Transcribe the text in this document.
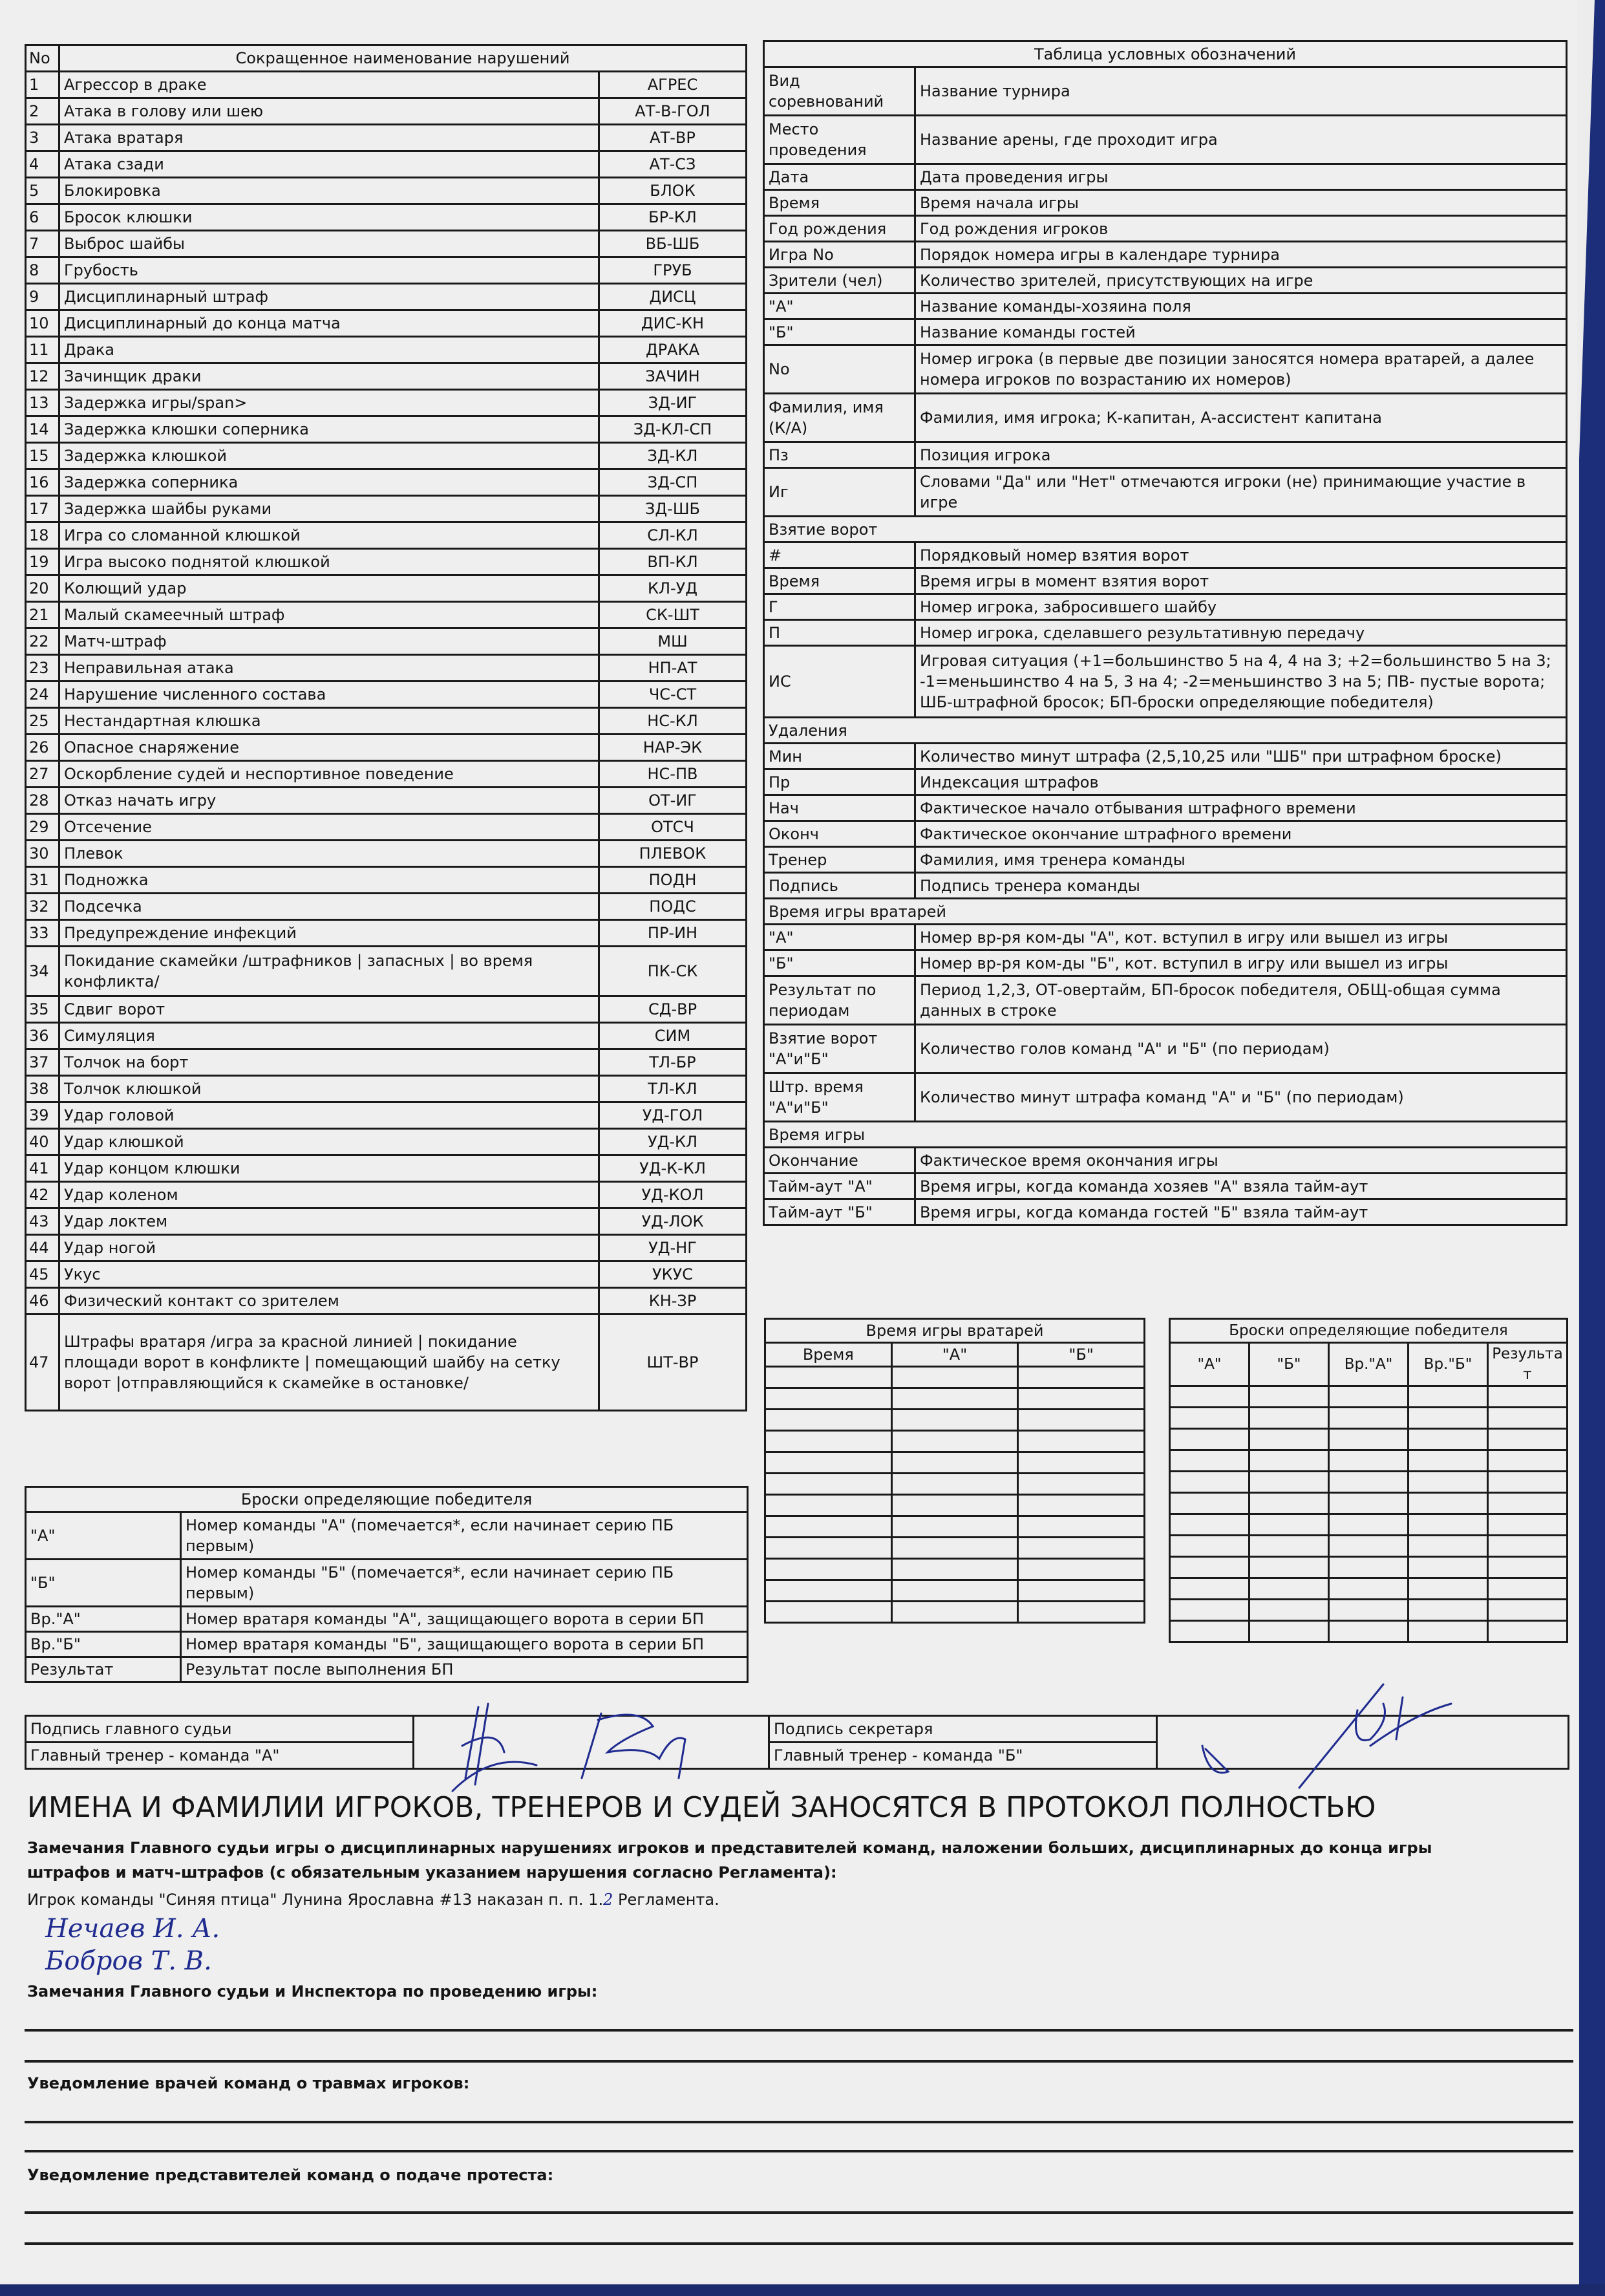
No	Сокращенное наименование нарушений	
1	Агрессор в драке	АГРЕС
2	Атака в голову или шею	АТ-В-ГОЛ
3	Атака вратаря	АТ-ВР
4	Атака сзади	АТ-СЗ
5	Блокировка	БЛОК
6	Бросок клюшки	БР-КЛ
7	Выброс шайбы	ВБ-ШБ
8	Грубость	ГРУБ
9	Дисциплинарный штраф	ДИСЦ
10	Дисциплинарный до конца матча	ДИС-КН
11	Драка	ДРАКА
12	Зачинщик драки	ЗАЧИН
13	Задержка игры/span>	ЗД-ИГ
14	Задержка клюшки соперника	ЗД-КЛ-СП
15	Задержка клюшкой	ЗД-КЛ
16	Задержка соперника	ЗД-СП
17	Задержка шайбы руками	ЗД-ШБ
18	Игра со сломанной клюшкой	СЛ-КЛ
19	Игра высоко поднятой клюшкой	ВП-КЛ
20	Колющий удар	КЛ-УД
21	Малый скамеечный штраф	СК-ШТ
22	Матч-штраф	МШ
23	Неправильная атака	НП-АТ
24	Нарушение численного состава	ЧС-СТ
25	Нестандартная клюшка	НС-КЛ
26	Опасное снаряжение	НАР-ЭК
27	Оскорбление судей и неспортивное поведение	НС-ПВ
28	Отказ начать игру	ОТ-ИГ
29	Отсечение	ОТСЧ
30	Плевок	ПЛЕВОК
31	Подножка	ПОДН
32	Подсечка	ПОДС
33	Предупреждение инфекций	ПР-ИН
34	Покидание скамейки /штрафников | запасных | во время конфликта/	ПК-СК
35	Сдвиг ворот	СД-ВР
36	Симуляция	СИМ
37	Толчок на борт	ТЛ-БР
38	Толчок клюшкой	ТЛ-КЛ
39	Удар головой	УД-ГОЛ
40	Удар клюшкой	УД-КЛ
41	Удар концом клюшки	УД-К-КЛ
42	Удар коленом	УД-КОЛ
43	Удар локтем	УД-ЛОК
44	Удар ногой	УД-НГ
45	Укус	УКУС
46	Физический контакт со зрителем	КН-ЗР
47	Штрафы вратаря /игра за красной линией | покидание площади ворот в конфликте | помещающий шайбу на сетку ворот |отправляющийся к скамейке в остановке/	ШТ-ВР
Таблица условных обозначений	
Вид соревнований	Название турнира
Место проведения	Название арены, где проходит игра
Дата	Дата проведения игры
Время	Время начала игры
Год рождения	Год рождения игроков
Игра No	Порядок номера игры в календаре турнира
Зрители (чел)	Количество зрителей, присутствующих на игре
"А"	Название команды-хозяина поля
"Б"	Название команды гостей
No	Номер игрока (в первые две позиции заносятся номера вратарей, а далее номера игроков по возрастанию их номеров)
Фамилия, имя (К/А)	Фамилия, имя игрока; К-капитан, А-ассистент капитана
Пз	Позиция игрока
Иг	Словами "Да" или "Нет" отмечаются игроки (не) принимающие участие в игре
Взятие ворот	
#	Порядковый номер взятия ворот
Время	Время игры в момент взятия ворот
Г	Номер игрока, забросившего шайбу
П	Номер игрока, сделавшего результативную передачу
ИС	Игровая ситуация (+1=большинство 5 на 4, 4 на 3; +2=большинство 5 на 3; -1=меньшинство 4 на 5, 3 на 4; -2=меньшинство 3 на 5; ПВ- пустые ворота; ШБ-штрафной бросок; БП-броски определяющие победителя)
Удаления	
Мин	Количество минут штрафа (2,5,10,25 или "ШБ" при штрафном броске)
Пр	Индексация штрафов
Нач	Фактическое начало отбывания штрафного времени
Оконч	Фактическое окончание штрафного времени
Тренер	Фамилия, имя тренера команды
Подпись	Подпись тренера команды
Время игры вратарей	
"А"	Номер вр-ря ком-ды "А", кот. вступил в игру или вышел из игры
"Б"	Номер вр-ря ком-ды "Б", кот. вступил в игру или вышел из игры
Результат по периодам	Период 1,2,3, ОТ-овертайм, БП-бросок победителя, ОБЩ-общая сумма данных в строке
Взятие ворот "А"и"Б"	Количество голов команд "А" и "Б" (по периодам)
Штр. время "А"и"Б"	Количество минут штрафа команд "А" и "Б" (по периодам)
Время игры	
Окончание	Фактическое время окончания игры
Тайм-аут "А"	Время игры, когда команда хозяев "А" взяла тайм-аут
Тайм-аут "Б"	Время игры, когда команда гостей "Б" взяла тайм-аут
Время игры вратарей		
Время	"А"	"Б"

Броски определяющие победителя				
"А"	"Б"	Вр."А"	Вр."Б"	Результат

Броски определяющие победителя	
"А"	Номер команды "А" (помечается*, если начинает серию ПБ первым)
"Б"	Номер команды "Б" (помечается*, если начинает серию ПБ первым)
Вр."А"	Номер вратаря команды "А", защищающего ворота в серии БП
Вр."Б"	Номер вратаря команды "Б", защищающего ворота в серии БП
Результат	Результат после выполнения БП
Подпись главного судьи		Подпись секретаря	
Главный тренер - команда "А"		Главный тренер - команда "Б"	
ИМЕНА И ФАМИЛИИ ИГРОКОВ, ТРЕНЕРОВ И СУДЕЙ ЗАНОСЯТСЯ В ПРОТОКОЛ ПОЛНОСТЬЮ
Замечания Главного судьи игры о дисциплинарных нарушениях игроков и представителей команд, наложении больших, дисциплинарных до конца игры
штрафов и матч-штрафов (с обязательным указанием нарушения согласно Регламента):
Игрок команды "Синяя птица" Лунина Ярославна #13 наказан п. п. 1.2 Регламента.
Нечаев И. А.
Бобров Т. В.
Замечания Главного судьи и Инспектора по проведению игры:
Уведомление врачей команд о травмах игроков:
Уведомление представителей команд о подаче протеста:
